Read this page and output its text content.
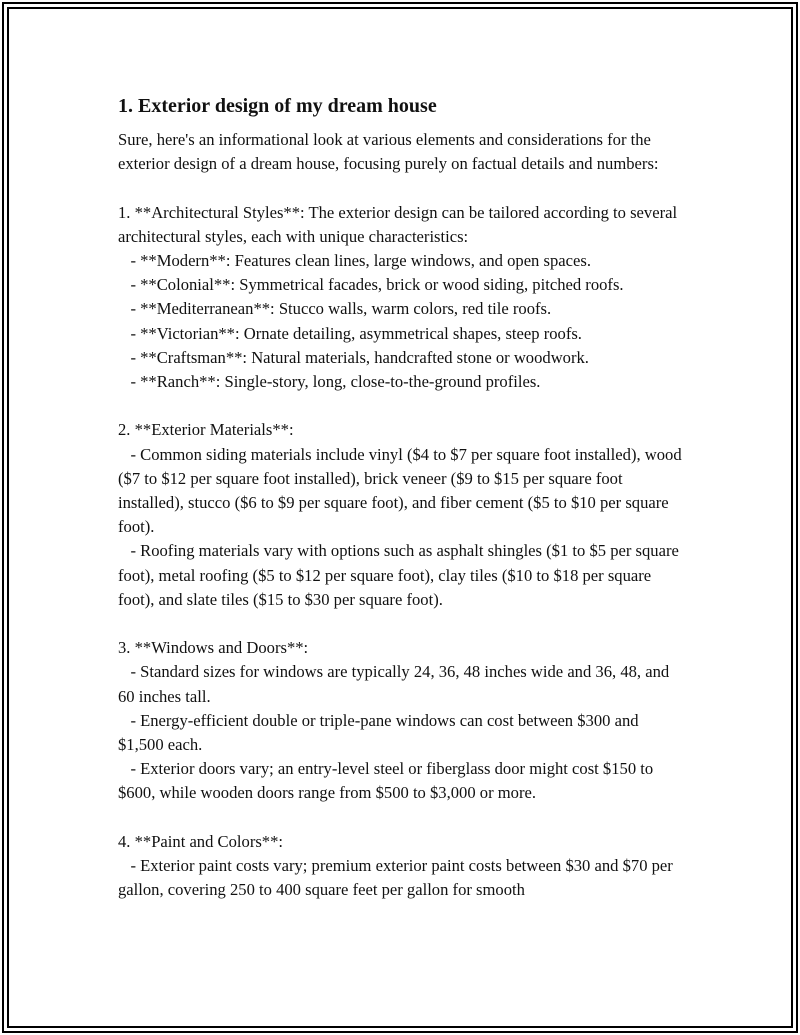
1. Exterior design of my dream house

Sure, here's an informational look at various elements and considerations for the exterior design of a dream house, focusing purely on factual details and numbers:

1. **Architectural Styles**: The exterior design can be tailored according to several architectural styles, each with unique characteristics:
- **Modern**: Features clean lines, large windows, and open spaces.
- **Colonial**: Symmetrical facades, brick or wood siding, pitched roofs.
- **Mediterranean**: Stucco walls, warm colors, red tile roofs.
- **Victorian**: Ornate detailing, asymmetrical shapes, steep roofs.
- **Craftsman**: Natural materials, handcrafted stone or woodwork.
- **Ranch**: Single-story, long, close-to-the-ground profiles.

2. **Exterior Materials**:
- Common siding materials include vinyl ($4 to $7 per square foot installed), wood ($7 to $12 per square foot installed), brick veneer ($9 to $15 per square foot installed), stucco ($6 to $9 per square foot), and fiber cement ($5 to $10 per square foot).
- Roofing materials vary with options such as asphalt shingles ($1 to $5 per square foot), metal roofing ($5 to $12 per square foot), clay tiles ($10 to $18 per square foot), and slate tiles ($15 to $30 per square foot).

3. **Windows and Doors**:
- Standard sizes for windows are typically 24, 36, 48 inches wide and 36, 48, and 60 inches tall.
- Energy-efficient double or triple-pane windows can cost between $300 and $1,500 each.
- Exterior doors vary; an entry-level steel or fiberglass door might cost $150 to $600, while wooden doors range from $500 to $3,000 or more.

4. **Paint and Colors**:
- Exterior paint costs vary; premium exterior paint costs between $30 and $70 per gallon, covering 250 to 400 square feet per gallon for smooth
